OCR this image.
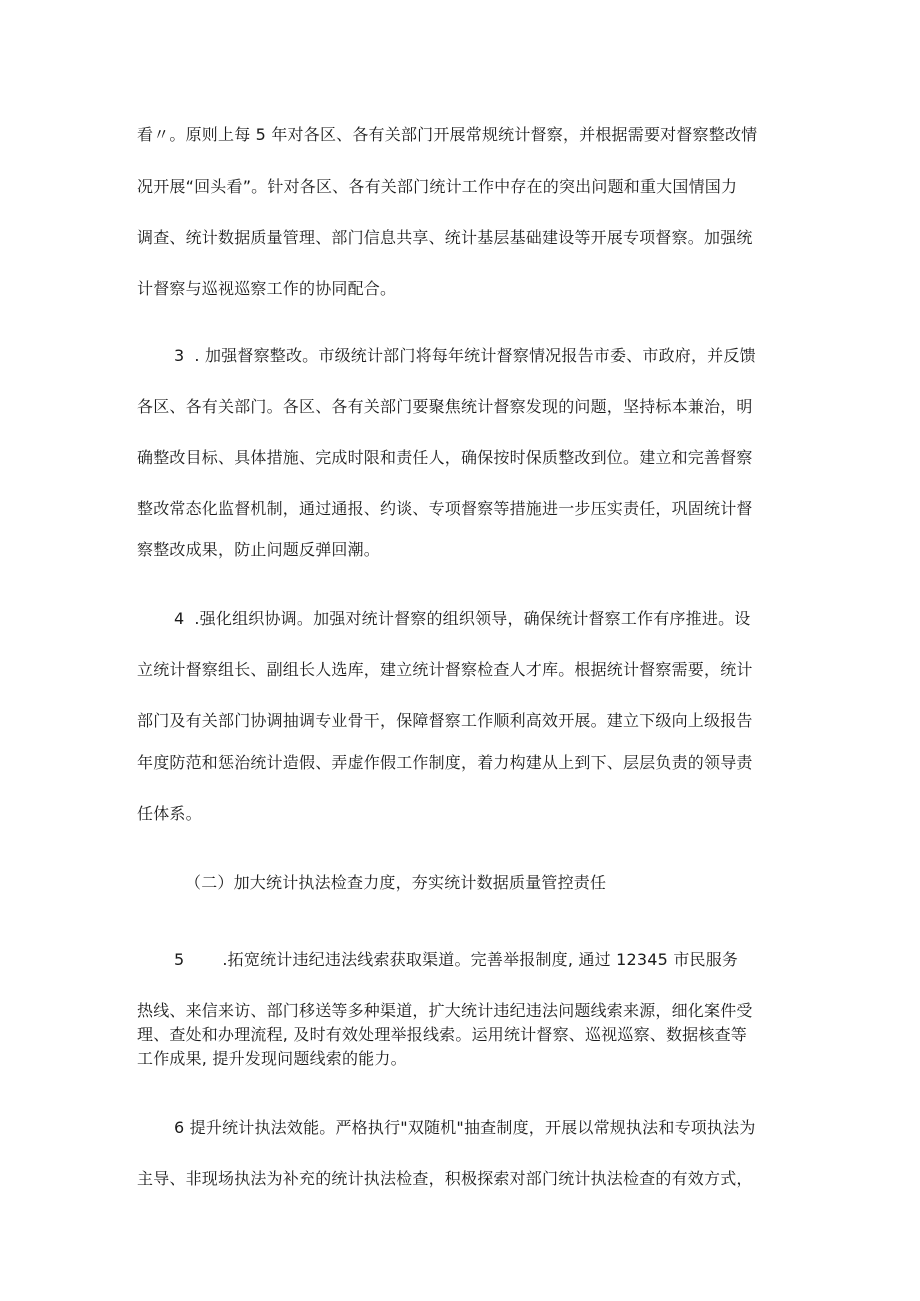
看〃。原则上每 5 年对各区、各有关部门开展常规统计督察，并根据需要对督察整改情
况开展“回头看”。针对各区、各有关部门统计工作中存在的突出问题和重大国情国力
调查、统计数据质量管理、部门信息共享、统计基层基础建设等开展专项督察。加强统
计督察与巡视巡察工作的协同配合。
3 . 加强督察整改。市级统计部门将每年统计督察情况报告市委、市政府，并反馈
各区、各有关部门。各区、各有关部门要聚焦统计督察发现的问题，坚持标本兼治，明
确整改目标、具体措施、完成时限和责任人，确保按时保质整改到位。建立和完善督察
整改常态化监督机制，通过通报、约谈、专项督察等措施进一步压实责任，巩固统计督
察整改成果，防止问题反弹回潮。
4 .强化组织协调。加强对统计督察的组织领导，确保统计督察工作有序推进。设
立统计督察组长、副组长人选库，建立统计督察检查人才库。根据统计督察需要，统计
部门及有关部门协调抽调专业骨干，保障督察工作顺利高效开展。建立下级向上级报告
年度防范和惩治统计造假、弄虚作假工作制度，着力构建从上到下、层层负责的领导责
任体系。
（二）加大统计执法检查力度，夯实统计数据质量管控责任
5 .拓宽统计违纪违法线索获取渠道。完善举报制度, 通过 12345 市民服务
热线、来信来访、部门移送等多种渠道，扩大统计违纪违法问题线索来源，细化案件受
理、查处和办理流程, 及时有效处理举报线索。运用统计督察、巡视巡察、数据核查等
工作成果, 提升发现问题线索的能力。
6 提升统计执法效能。严格执行"双随机"抽查制度，开展以常规执法和专项执法为
主导、非现场执法为补充的统计执法检查，积极探索对部门统计执法检查的有效方式，
